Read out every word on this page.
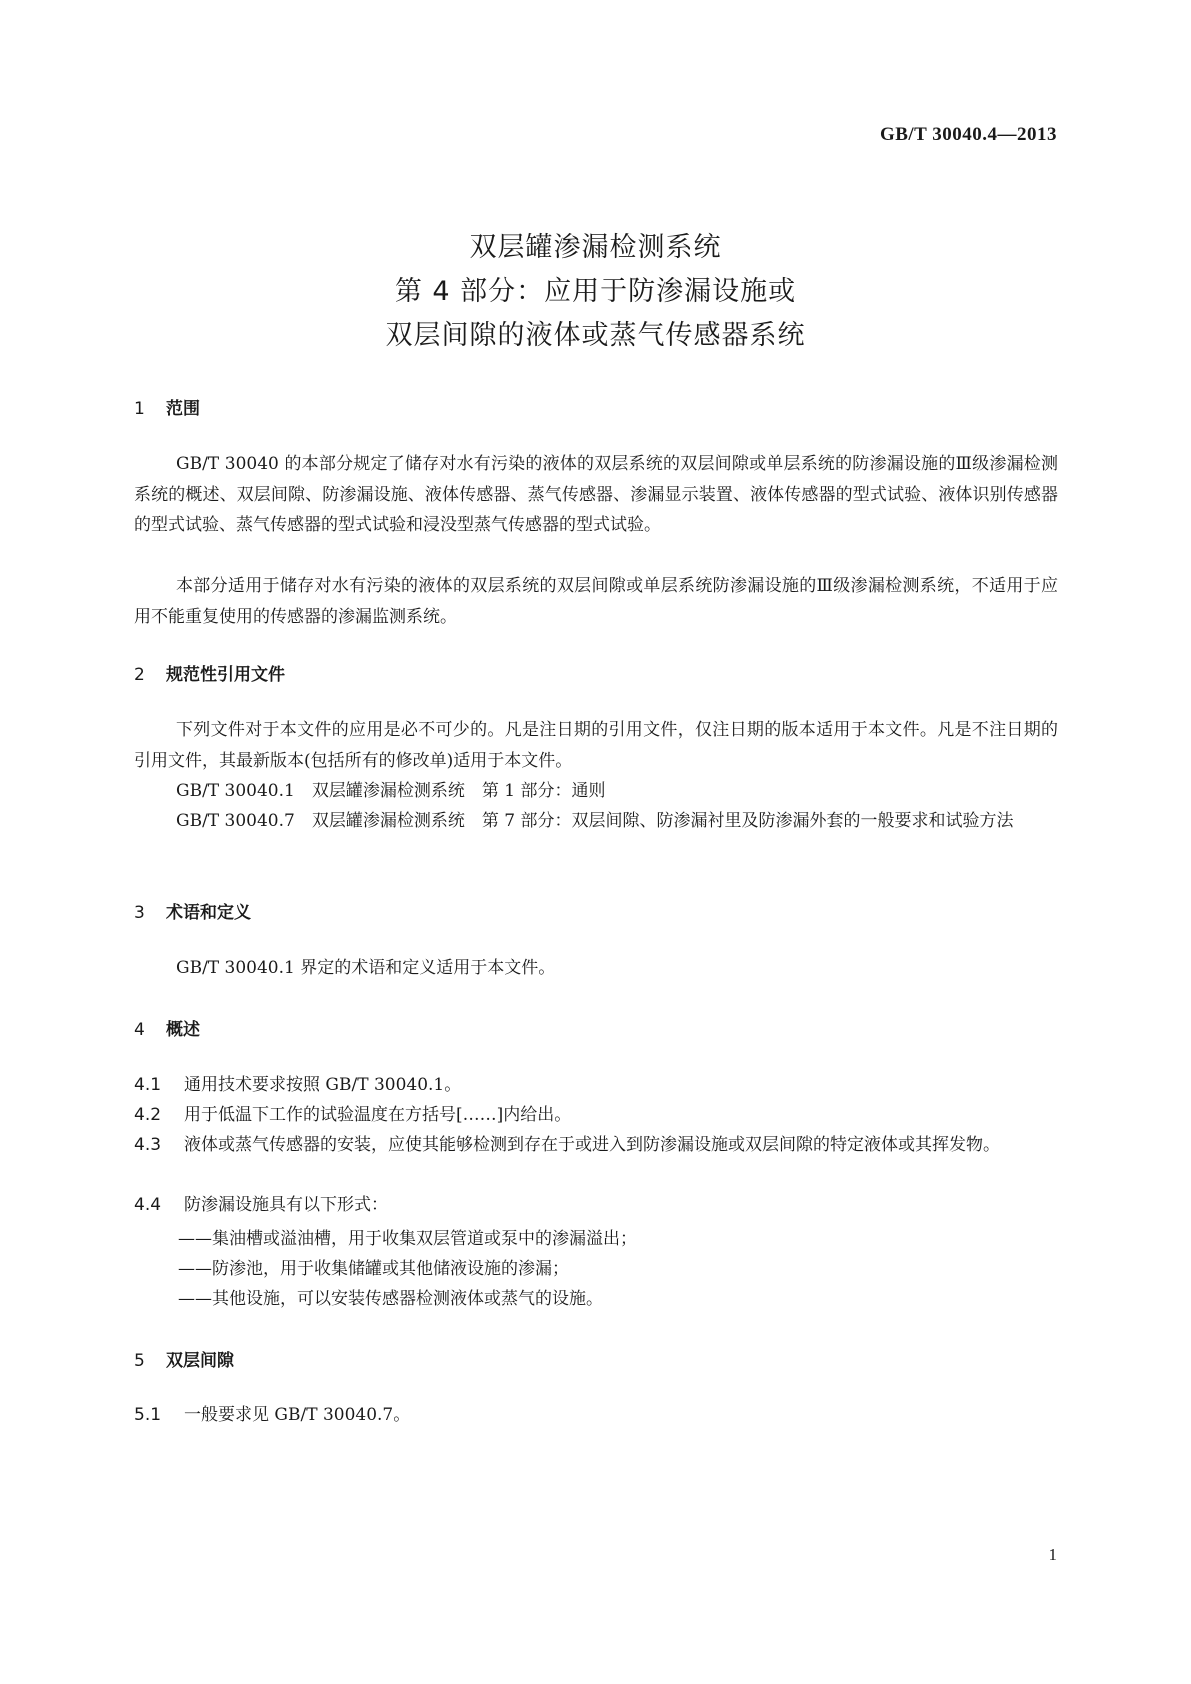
GB/T 30040.4—2013
双层罐渗漏检测系统
第 4 部分：应用于防渗漏设施或
双层间隙的液体或蒸气传感器系统
1 范围
GB/T 30040 的本部分规定了储存对水有污染的液体的双层系统的双层间隙或单层系统的防渗漏设施的Ⅲ级渗漏检测系统的概述、双层间隙、防渗漏设施、液体传感器、蒸气传感器、渗漏显示装置、液体传感器的型式试验、液体识别传感器的型式试验、蒸气传感器的型式试验和浸没型蒸气传感器的型式试验。
本部分适用于储存对水有污染的液体的双层系统的双层间隙或单层系统防渗漏设施的Ⅲ级渗漏检测系统，不适用于应用不能重复使用的传感器的渗漏监测系统。
2 规范性引用文件
下列文件对于本文件的应用是必不可少的。凡是注日期的引用文件，仅注日期的版本适用于本文件。凡是不注日期的引用文件，其最新版本(包括所有的修改单)适用于本文件。
GB/T 30040.1　 双层罐渗漏检测系统　第 1 部分：通则
GB/T 30040.7　 双层罐渗漏检测系统　第 7 部分：双层间隙、防渗漏衬里及防渗漏外套的一般要求和试验方法
3 术语和定义
GB/T 30040.1 界定的术语和定义适用于本文件。
4 概述
4.1 通用技术要求按照 GB/T 30040.1。
4.2 用于低温下工作的试验温度在方括号[……]内给出。
4.3 液体或蒸气传感器的安装，应使其能够检测到存在于或进入到防渗漏设施或双层间隙的特定液体或其挥发物。
4.4 防渗漏设施具有以下形式：
——集油槽或溢油槽，用于收集双层管道或泵中的渗漏溢出；
——防渗池，用于收集储罐或其他储液设施的渗漏；
——其他设施，可以安装传感器检测液体或蒸气的设施。
5 双层间隙
5.1 一般要求见 GB/T 30040.7。
1
